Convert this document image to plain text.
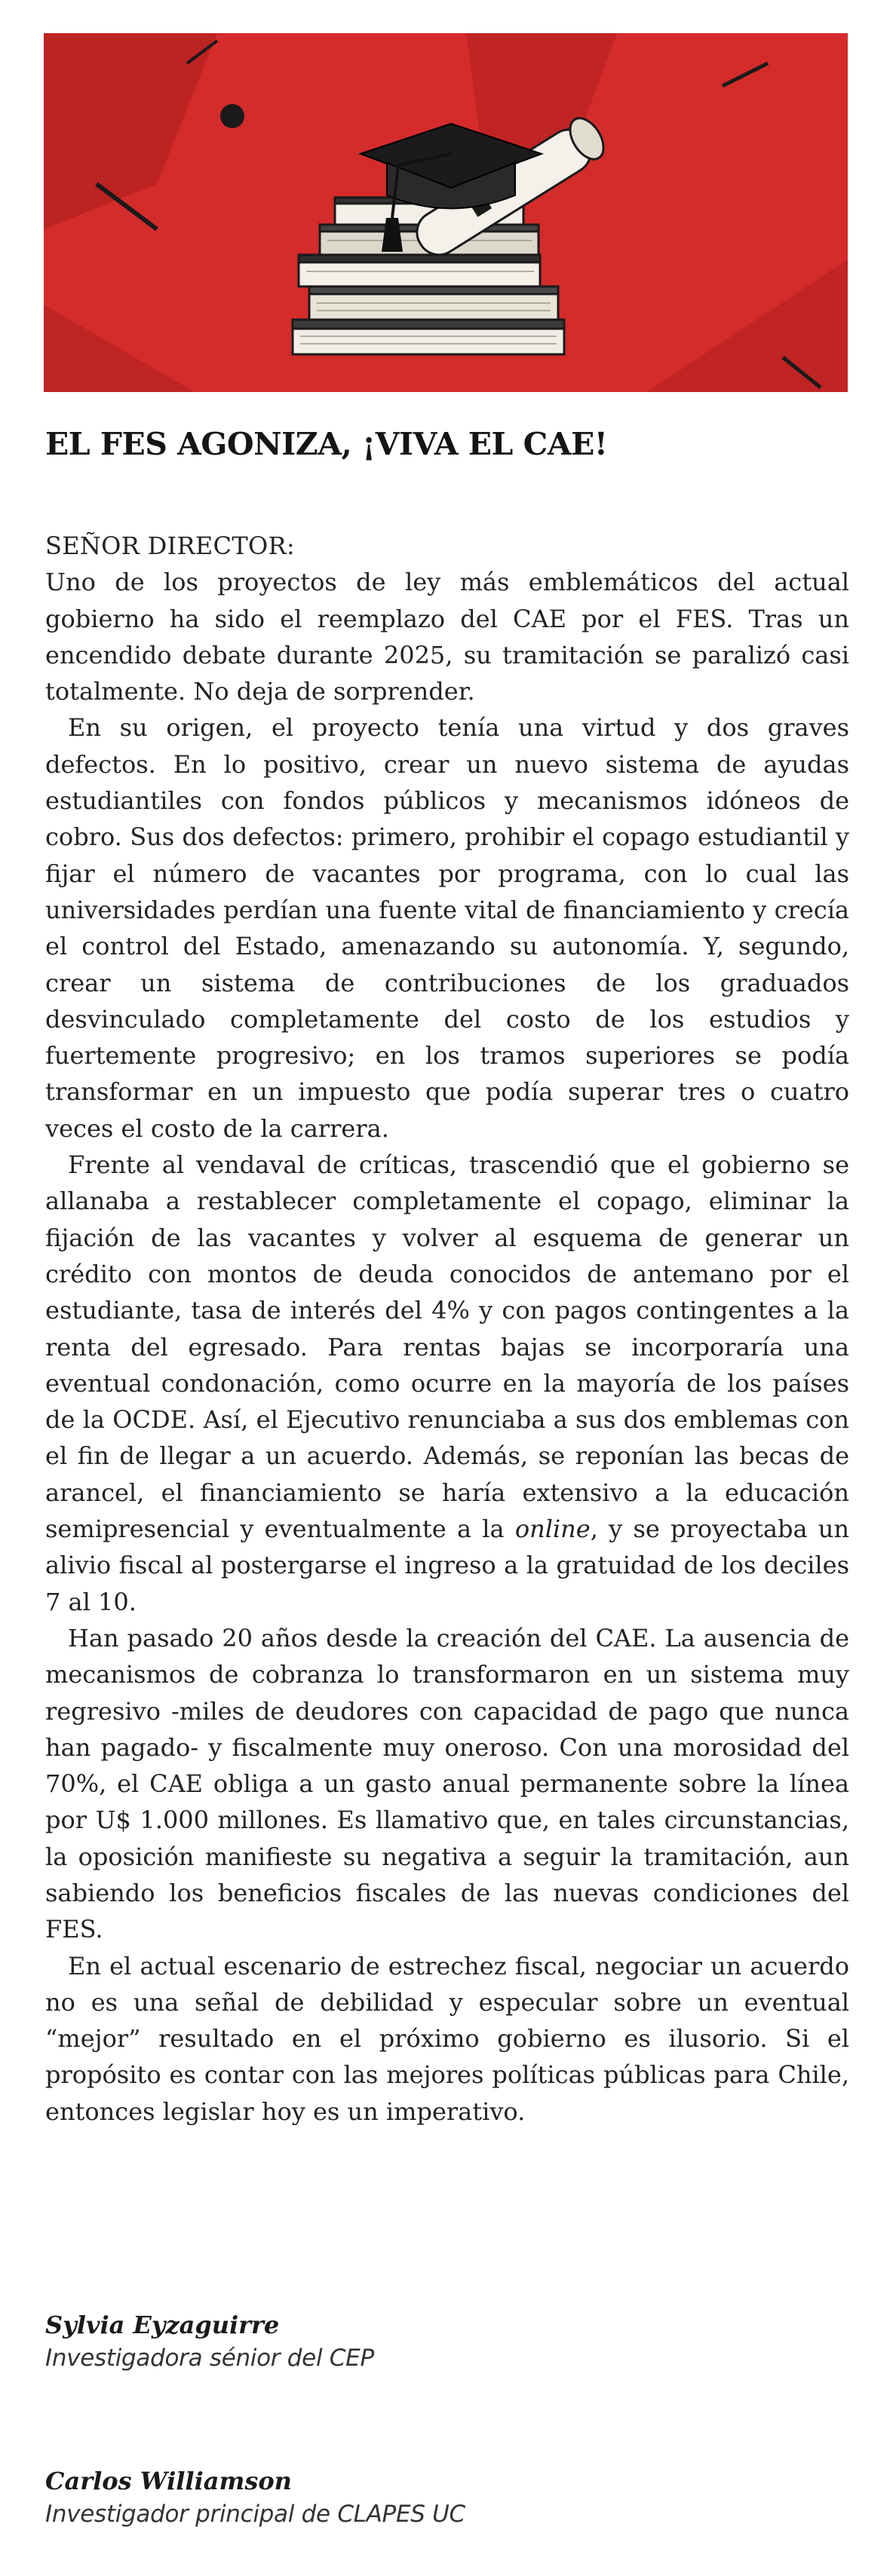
EL FES AGONIZA, ¡VIVA EL CAE!

SEÑOR DIRECTOR:

Uno de los proyectos de ley más emblemáticos del actual gobierno ha sido el reemplazo del CAE por el FES. Tras un encendido debate durante 2025, su tramitación se paralizó casi totalmente. No deja de sorprender.

En su origen, el proyecto tenía una virtud y dos graves defectos. En lo positivo, crear un nuevo sistema de ayudas estudiantiles con fondos públicos y mecanismos idóneos de cobro. Sus dos defectos: primero, prohibir el copago estudiantil y fijar el número de vacantes por programa, con lo cual las universidades perdían una fuente vital de financiamiento y crecía el control del Estado, amenazando su autonomía. Y, segundo, crear un sistema de contribuciones de los graduados desvinculado completamente del costo de los estudios y fuertemente progresivo; en los tramos superiores se podía transformar en un impuesto que podía superar tres o cuatro veces el costo de la carrera.

Frente al vendaval de críticas, trascendió que el gobierno se allanaba a restablecer completamente el copago, eliminar la fijación de las vacantes y volver al esquema de generar un crédito con montos de deuda conocidos de antemano por el estudiante, tasa de interés del 4% y con pagos contingentes a la renta del egresado. Para rentas bajas se incorporaría una eventual condonación, como ocurre en la mayoría de los países de la OCDE. Así, el Ejecutivo renunciaba a sus dos emblemas con el fin de llegar a un acuerdo. Además, se reponían las becas de arancel, el financiamiento se haría extensivo a la educación semipresencial y eventualmente a la online, y se proyectaba un alivio fiscal al postergarse el ingreso a la gratuidad de los deciles 7 al 10.

Han pasado 20 años desde la creación del CAE. La ausencia de mecanismos de cobranza lo transformaron en un sistema muy regresivo -miles de deudores con capacidad de pago que nunca han pagado- y fiscalmente muy oneroso. Con una morosidad del 70%, el CAE obliga a un gasto anual permanente sobre la línea por U$ 1.000 millones. Es llamativo que, en tales circunstancias, la oposición manifieste su negativa a seguir la tramitación, aun sabiendo los beneficios fiscales de las nuevas condiciones del FES.

En el actual escenario de estrechez fiscal, negociar un acuerdo no es una señal de debilidad y especular sobre un eventual “mejor” resultado en el próximo gobierno es ilusorio. Si el propósito es contar con las mejores políticas públicas para Chile, entonces legislar hoy es un imperativo.

Sylvia Eyzaguirre
Investigadora sénior del CEP
Carlos Williamson
Investigador principal de CLAPES UC
